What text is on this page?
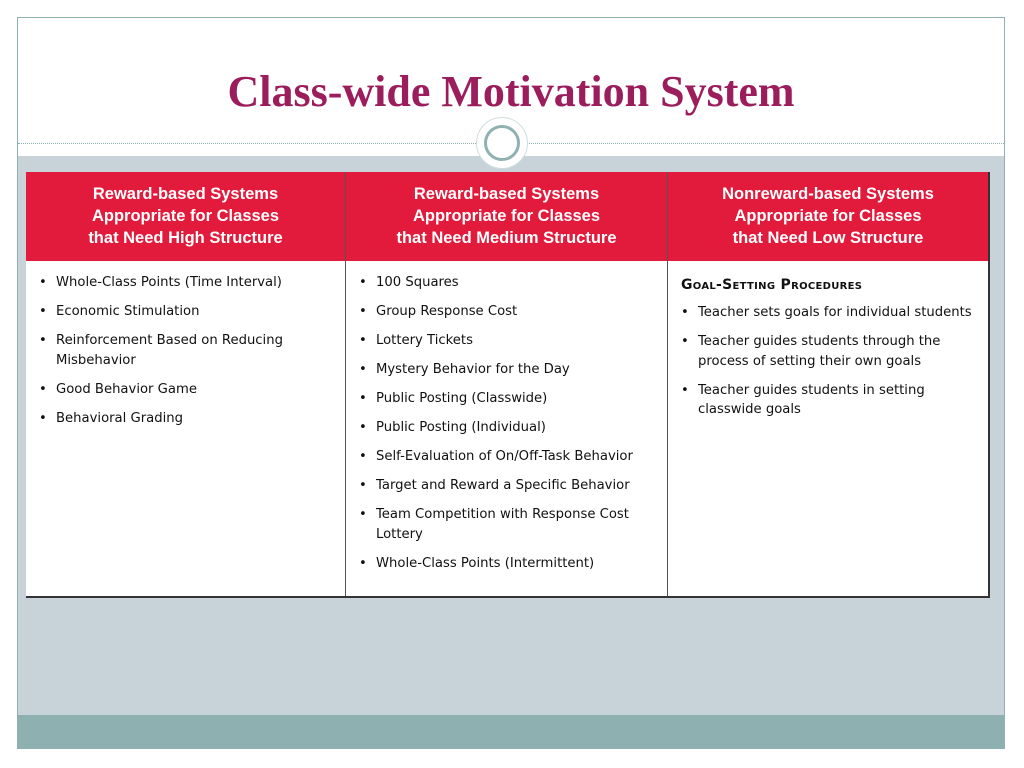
Class-wide Motivation System
Reward-based Systems
Appropriate for Classes
that Need High Structure
• Whole-Class Points (Time Interval)
• Economic Stimulation
• Reinforcement Based on Reducing Misbehavior
• Good Behavior Game
• Behavioral Grading
Reward-based Systems
Appropriate for Classes
that Need Medium Structure
• 100 Squares
• Group Response Cost
• Lottery Tickets
• Mystery Behavior for the Day
• Public Posting (Classwide)
• Public Posting (Individual)
• Self-Evaluation of On/Off-Task Behavior
• Target and Reward a Specific Behavior
• Team Competition with Response Cost Lottery
• Whole-Class Points (Intermittent)
Nonreward-based Systems
Appropriate for Classes
that Need Low Structure
Goal-Setting Procedures
• Teacher sets goals for individual students
• Teacher guides students through the process of setting their own goals
• Teacher guides students in setting classwide goals
